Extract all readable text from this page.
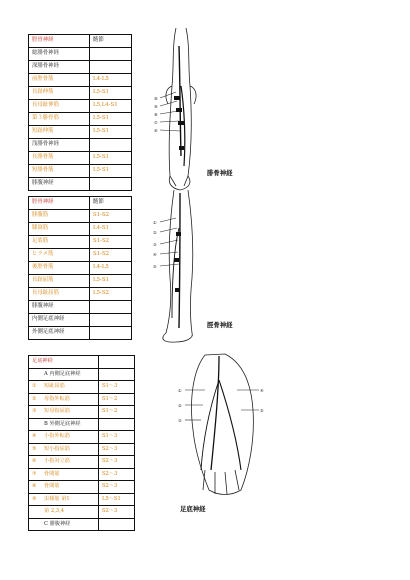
脛骨神経	髄節
総腓骨神経	
深腓骨神経	
前脛骨筋	L4-L5
長趾伸筋	L5-S1
長母趾伸筋	L5,L4-S1
第３腓骨筋	L5-S1
短趾伸筋	L5-S1
浅腓骨神経	
長腓骨筋	L5-S1
短腓骨筋	L5-S1
腓腹神経	
脛骨神経	髄節
腓腹筋	S1-S2
膝窩筋	L4-S1
足底筋	S1-S2
ヒラメ筋	S1-S2
後脛骨筋	L4-L5
長趾屈筋	L5-S1
長母趾屈筋	L5-S2
腓腹神経	
内側足底神経	
外側足底神経	
足底神経	
A 内側足底神経	
① 短趾屈筋	S1～3
② 母指外転筋	S1～2
③ 短母指屈筋	S1～2
B 外側足底神経	
④ 小指外転筋	S1～3
⑤ 短小指屈筋	S2～3
⑥ 小指対立筋	S2～3
⑦ 骨間筋	S2～3
⑧ 骨間筋	S2～3
⑨ 虫様筋 第1	L5～S1
第 2,3,4	S2～3
C 腓腹神経	
⑩
⑨
⑧
⑦
⑥
腓骨神経
①
②
③
④
⑤
脛骨神経
①
②
③
④
⑤
足底神経
